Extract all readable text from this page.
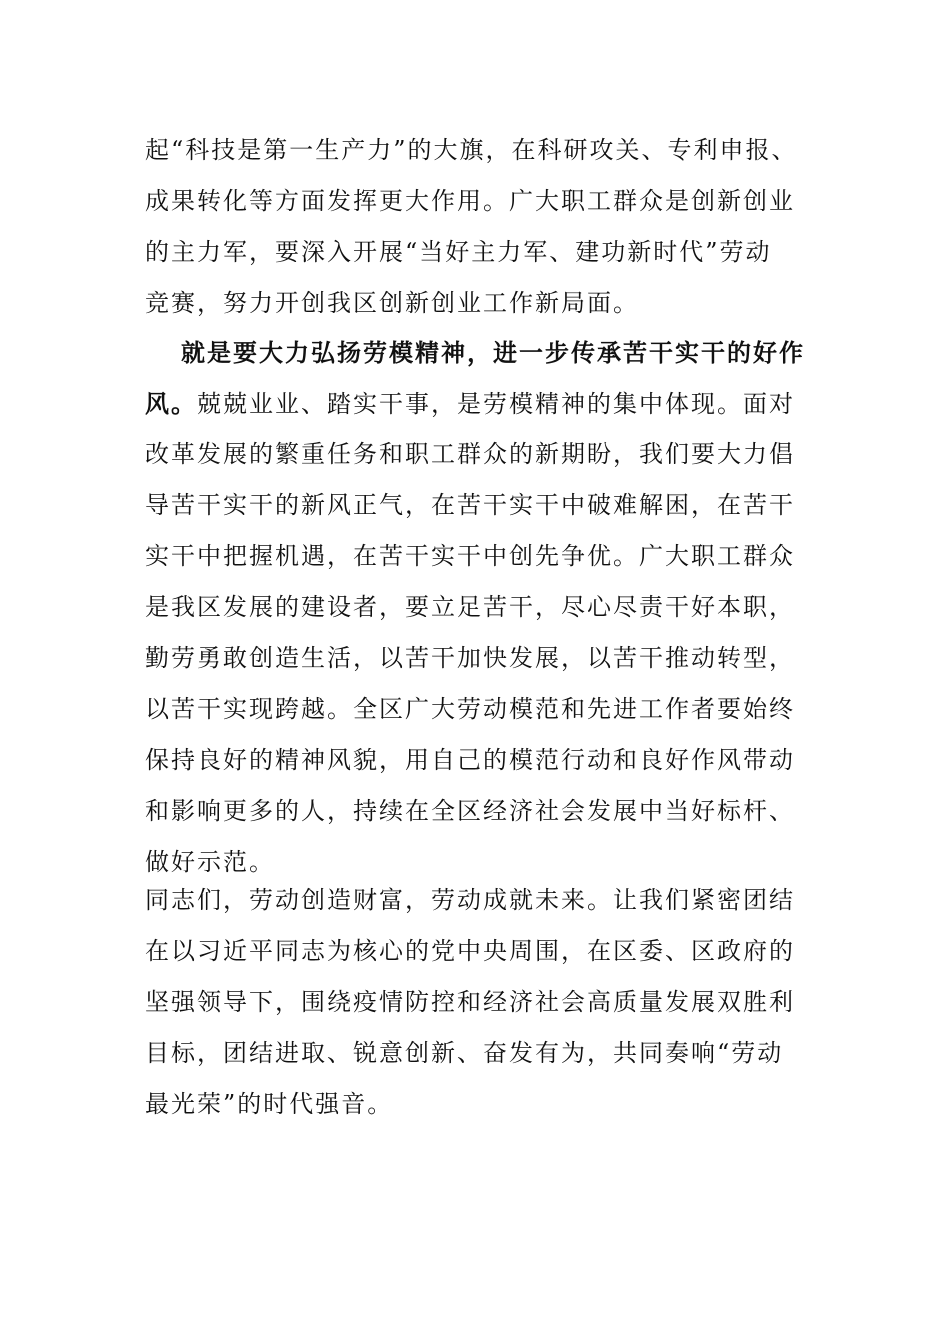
起“科技是第一生产力”的大旗，在科研攻关、专利申报、
成果转化等方面发挥更大作用。广大职工群众是创新创业
的主力军，要深入开展“当好主力军、建功新时代”劳动
竞赛，努力开创我区创新创业工作新局面。
就是要大力弘扬劳模精神，进一步传承苦干实干的好作
风。兢兢业业、踏实干事，是劳模精神的集中体现。面对
改革发展的繁重任务和职工群众的新期盼，我们要大力倡
导苦干实干的新风正气，在苦干实干中破难解困，在苦干
实干中把握机遇，在苦干实干中创先争优。广大职工群众
是我区发展的建设者，要立足苦干，尽心尽责干好本职，
勤劳勇敢创造生活，以苦干加快发展，以苦干推动转型，
以苦干实现跨越。全区广大劳动模范和先进工作者要始终
保持良好的精神风貌，用自己的模范行动和良好作风带动
和影响更多的人，持续在全区经济社会发展中当好标杆、
做好示范。
同志们，劳动创造财富，劳动成就未来。让我们紧密团结
在以习近平同志为核心的党中央周围，在区委、区政府的
坚强领导下，围绕疫情防控和经济社会高质量发展双胜利
目标，团结进取、锐意创新、奋发有为，共同奏响“劳动
最光荣”的时代强音。
